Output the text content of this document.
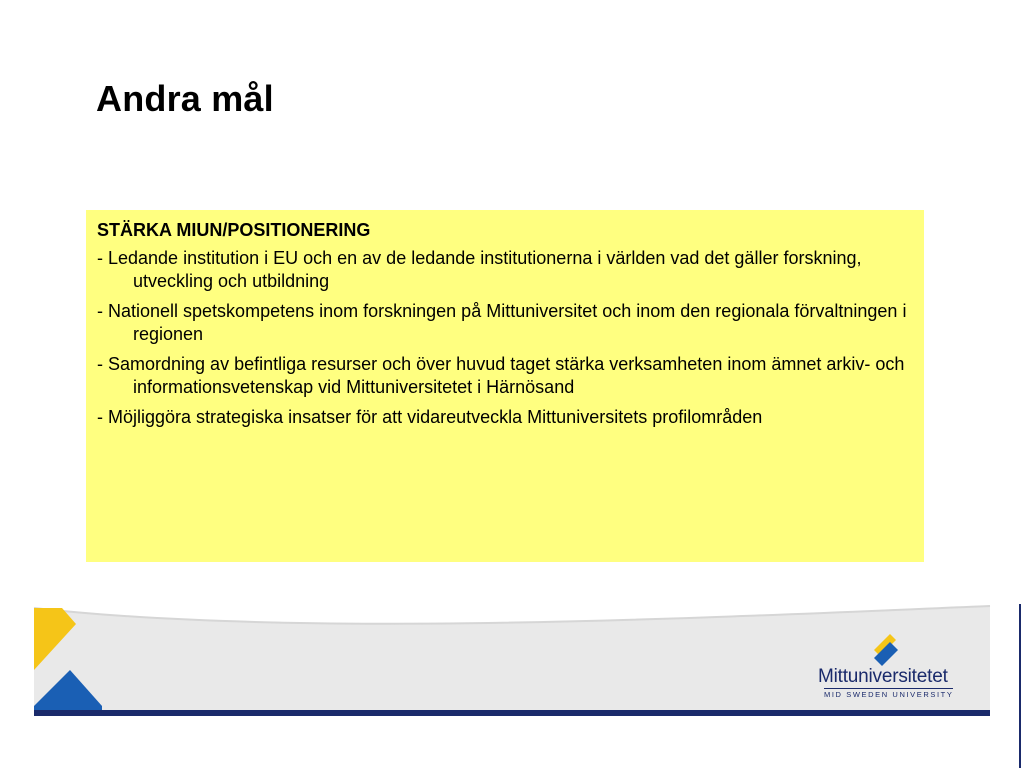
Andra mål
STÄRKA MIUN/POSITIONERING
- Ledande institution i EU och en av de ledande institutionerna i världen vad det gäller forskning, utveckling och utbildning
- Nationell spetskompetens inom forskningen på Mittuniversitet och inom den regionala förvaltningen i regionen
- Samordning av befintliga resurser och över huvud taget stärka verksamheten inom ämnet arkiv- och informationsvetenskap vid Mittuniversitetet i Härnösand
- Möjliggöra strategiska insatser för att vidareutveckla Mittuniversitets profilområden
Mittuniversitetet
MID SWEDEN UNIVERSITY
